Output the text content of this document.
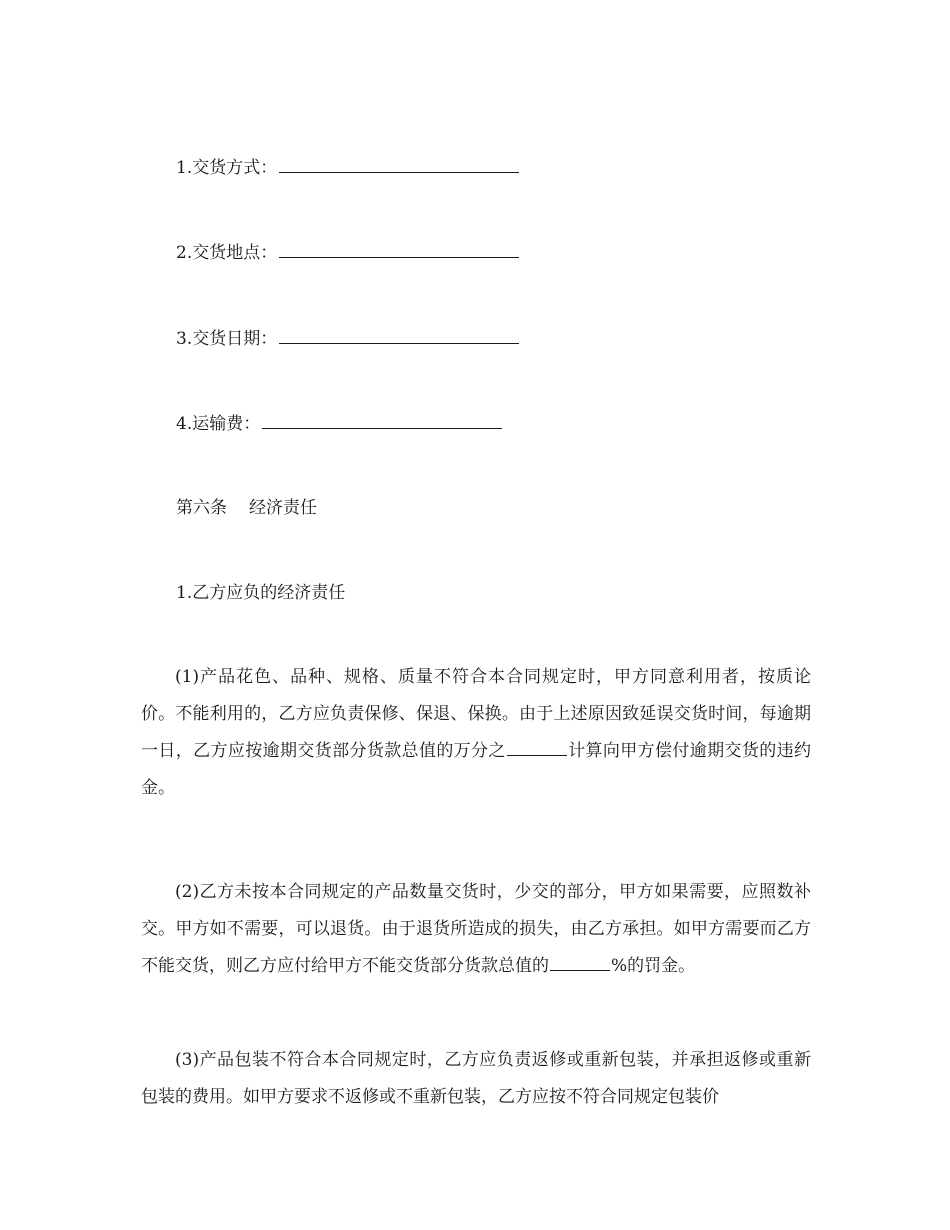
1.交货方式：
2.交货地点：
3.交货日期：
4.运输费：
第六条 经济责任
1.乙方应负的经济责任
(1)产品花色、品种、规格、质量不符合本合同规定时，甲方同意利用者，按质论价。不能利用的，乙方应负责保修、保退、保换。由于上述原因致延误交货时间，每逾期一日，乙方应按逾期交货部分货款总值的万分之	计算向甲方偿付逾期交货的违约金。
(2)乙方未按本合同规定的产品数量交货时，少交的部分，甲方如果需要，应照数补交。甲方如不需要，可以退货。由于退货所造成的损失，由乙方承担。如甲方需要而乙方不能交货，则乙方应付给甲方不能交货部分货款总值的	%的罚金。
(3)产品包装不符合本合同规定时，乙方应负责返修或重新包装，并承担返修或重新包装的费用。如甲方要求不返修或不重新包装，乙方应按不符合同规定包装价
